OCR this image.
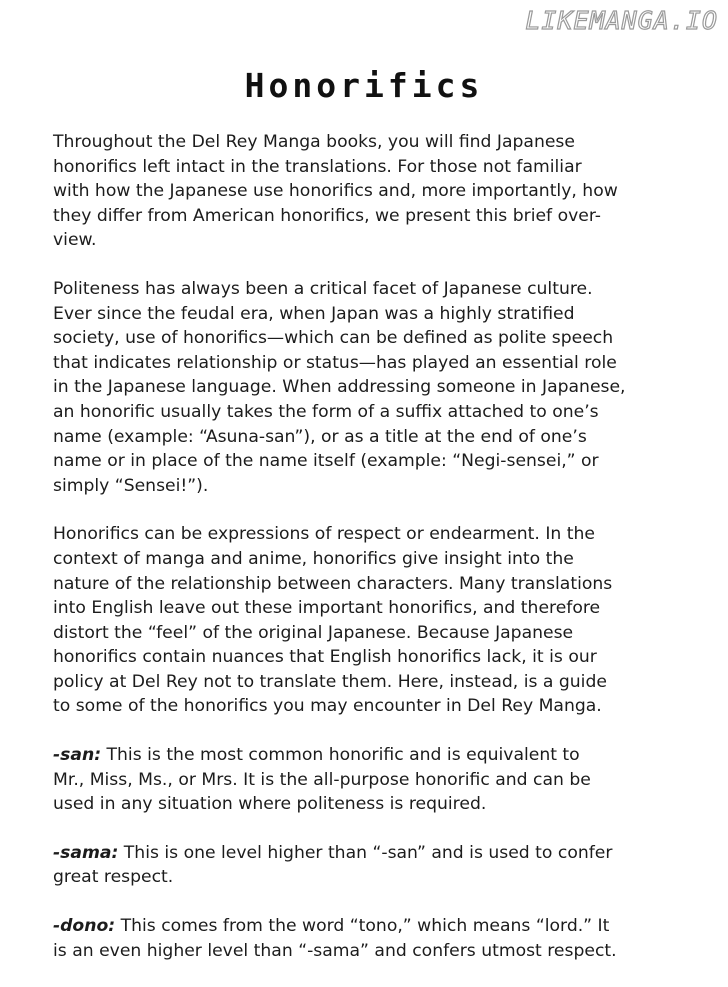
LIKEMANGA.IO
Honorifics

Throughout the Del Rey Manga books, you will find Japanese
honorifics left intact in the translations. For those not familiar
with how the Japanese use honorifics and, more importantly, how
they differ from American honorifics, we present this brief over-
view.

Politeness has always been a critical facet of Japanese culture.
Ever since the feudal era, when Japan was a highly stratified
society, use of honorifics—which can be defined as polite speech
that indicates relationship or status—has played an essential role
in the Japanese language. When addressing someone in Japanese,
an honorific usually takes the form of a suffix attached to one’s
name (example: “Asuna-san”), or as a title at the end of one’s
name or in place of the name itself (example: “Negi-sensei,” or
simply “Sensei!”).

Honorifics can be expressions of respect or endearment. In the
context of manga and anime, honorifics give insight into the
nature of the relationship between characters. Many translations
into English leave out these important honorifics, and therefore
distort the “feel” of the original Japanese. Because Japanese
honorifics contain nuances that English honorifics lack, it is our
policy at Del Rey not to translate them. Here, instead, is a guide
to some of the honorifics you may encounter in Del Rey Manga.

-san: This is the most common honorific and is equivalent to
Mr., Miss, Ms., or Mrs. It is the all-purpose honorific and can be
used in any situation where politeness is required.

-sama: This is one level higher than “-san” and is used to confer
great respect.

-dono: This comes from the word “tono,” which means “lord.” It
is an even higher level than “-sama” and confers utmost respect.
